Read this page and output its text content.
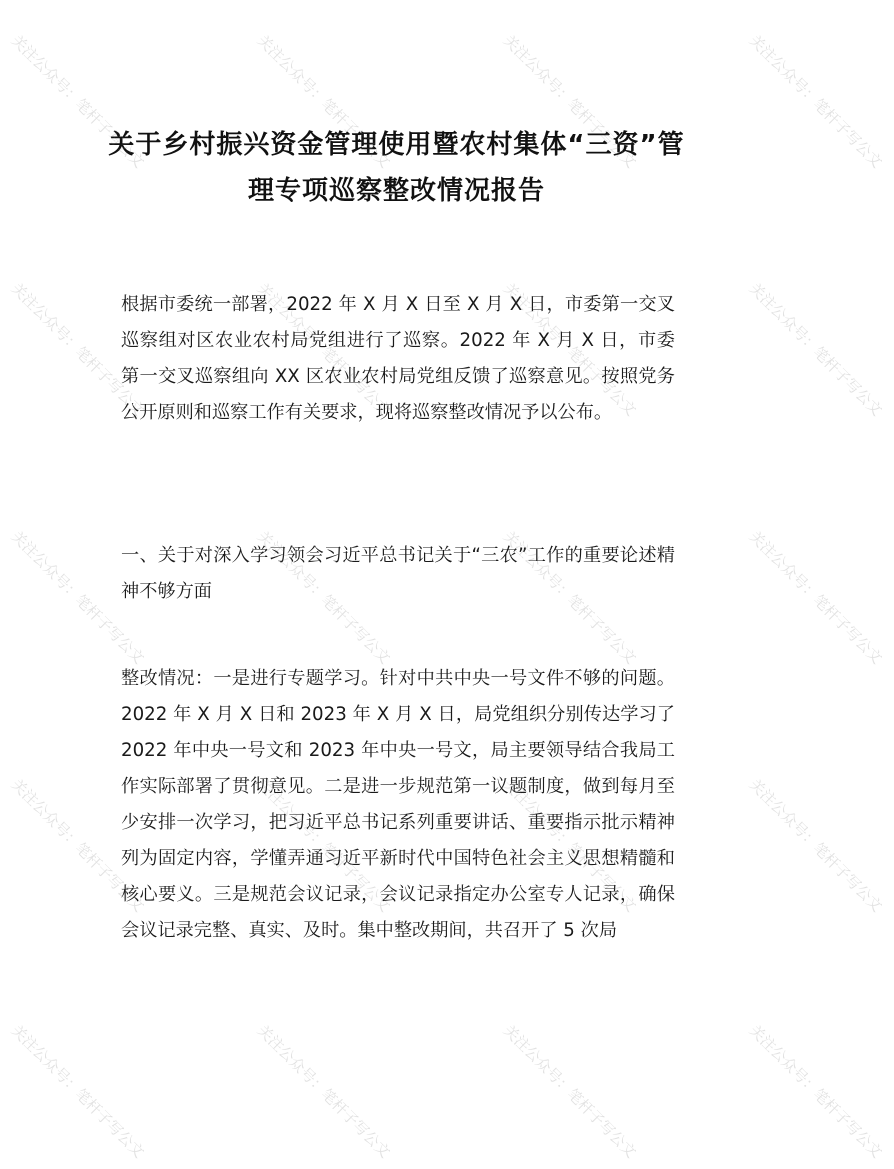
关于乡村振兴资金管理使用暨农村集体“三资”管理专项巡察整改情况报告

根据市委统一部署，2022 年 X 月 X 日至 X 月 X 日，市委第一交叉巡察组对区农业农村局党组进行了巡察。2022 年 X 月 X 日，市委第一交叉巡察组向 XX 区农业农村局党组反馈了巡察意见。按照党务公开原则和巡察工作有关要求，现将巡察整改情况予以公布。

一、关于对深入学习领会习近平总书记关于“三农”工作的重要论述精神不够方面

整改情况：一是进行专题学习。针对中共中央一号文件不够的问题。2022 年 X 月 X 日和 2023 年 X 月 X 日，局党组织分别传达学习了 2022 年中央一号文和 2023 年中央一号文，局主要领导结合我局工作实际部署了贯彻意见。二是进一步规范第一议题制度，做到每月至少安排一次学习，把习近平总书记系列重要讲话、重要指示批示精神列为固定内容，学懂弄通习近平新时代中国特色社会主义思想精髓和核心要义。三是规范会议记录，会议记录指定办公室专人记录，确保会议记录完整、真实、及时。集中整改期间，共召开了 5 次局

关注公众号：笔杆子写公文	关注公众号：笔杆子写公文	关注公众号：笔杆子写公文	关注公众号：笔杆子写公文
关注公众号：笔杆子写公文	关注公众号：笔杆子写公文	关注公众号：笔杆子写公文	关注公众号：笔杆子写公文
关注公众号：笔杆子写公文	关注公众号：笔杆子写公文	关注公众号：笔杆子写公文	关注公众号：笔杆子写公文
关注公众号：笔杆子写公文	关注公众号：笔杆子写公文	关注公众号：笔杆子写公文	关注公众号：笔杆子写公文
关注公众号：笔杆子写公文	关注公众号：笔杆子写公文	关注公众号：笔杆子写公文	关注公众号：笔杆子写公文
